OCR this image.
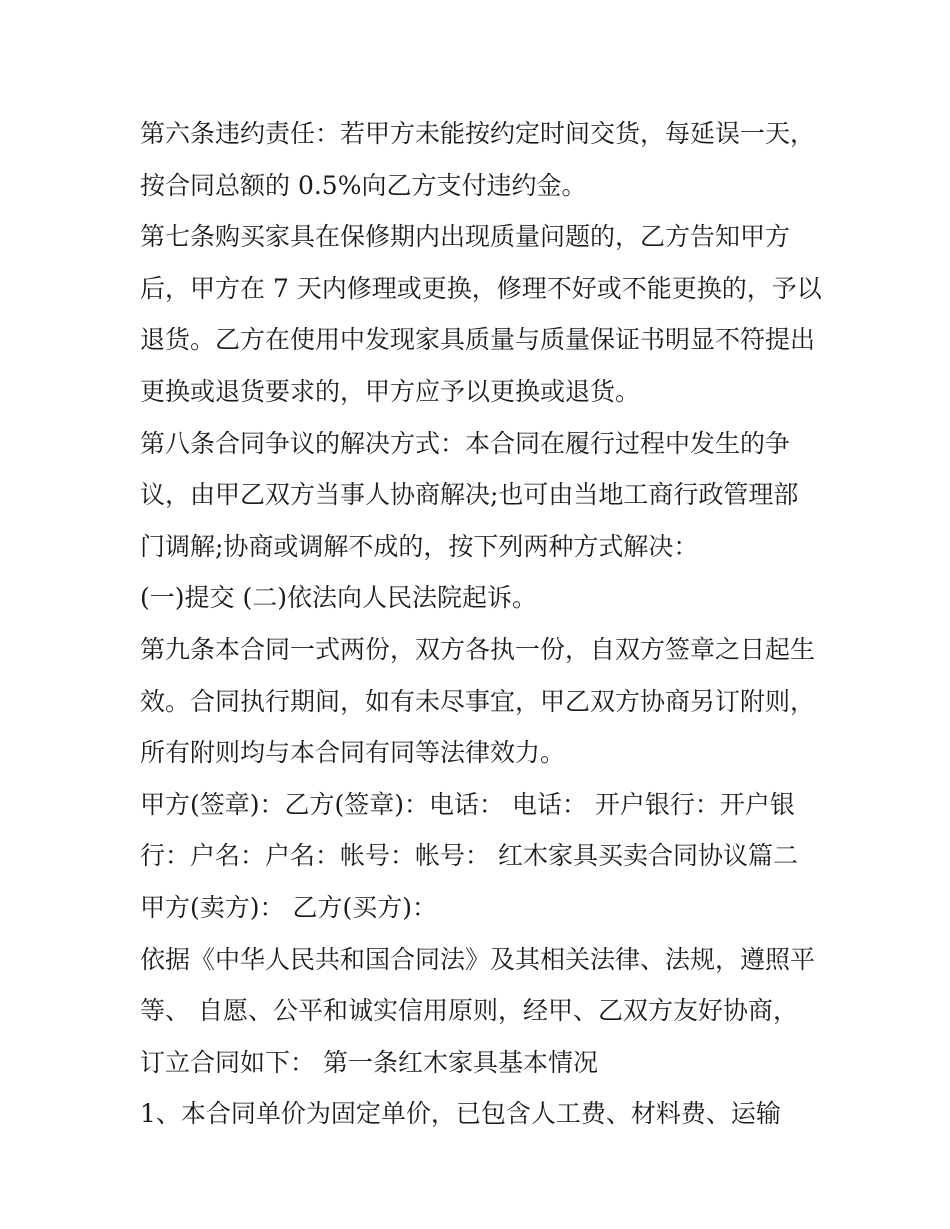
第六条违约责任：若甲方未能按约定时间交货，每延误一天，
按合同总额的 0.5%向乙方支付违约金。
第七条购买家具在保修期内出现质量问题的，乙方告知甲方
后，甲方在 7 天内修理或更换，修理不好或不能更换的，予以
退货。乙方在使用中发现家具质量与质量保证书明显不符提出
更换或退货要求的，甲方应予以更换或退货。
第八条合同争议的解决方式：本合同在履行过程中发生的争
议，由甲乙双方当事人协商解决;也可由当地工商行政管理部
门调解;协商或调解不成的，按下列两种方式解决：
(一)提交 (二)依法向人民法院起诉。
第九条本合同一式两份，双方各执一份，自双方签章之日起生
效。合同执行期间，如有未尽事宜，甲乙双方协商另订附则，
所有附则均与本合同有同等法律效力。
甲方(签章)：乙方(签章)：电话： 电话： 开户银行：开户银
行：户名：户名：帐号：帐号： 红木家具买卖合同协议篇二
甲方(卖方)： 乙方(买方)：
依据《中华人民共和国合同法》及其相关法律、法规，遵照平
等、 自愿、公平和诚实信用原则，经甲、乙双方友好协商，
订立合同如下： 第一条红木家具基本情况
1、本合同单价为固定单价，已包含人工费、材料费、运输
